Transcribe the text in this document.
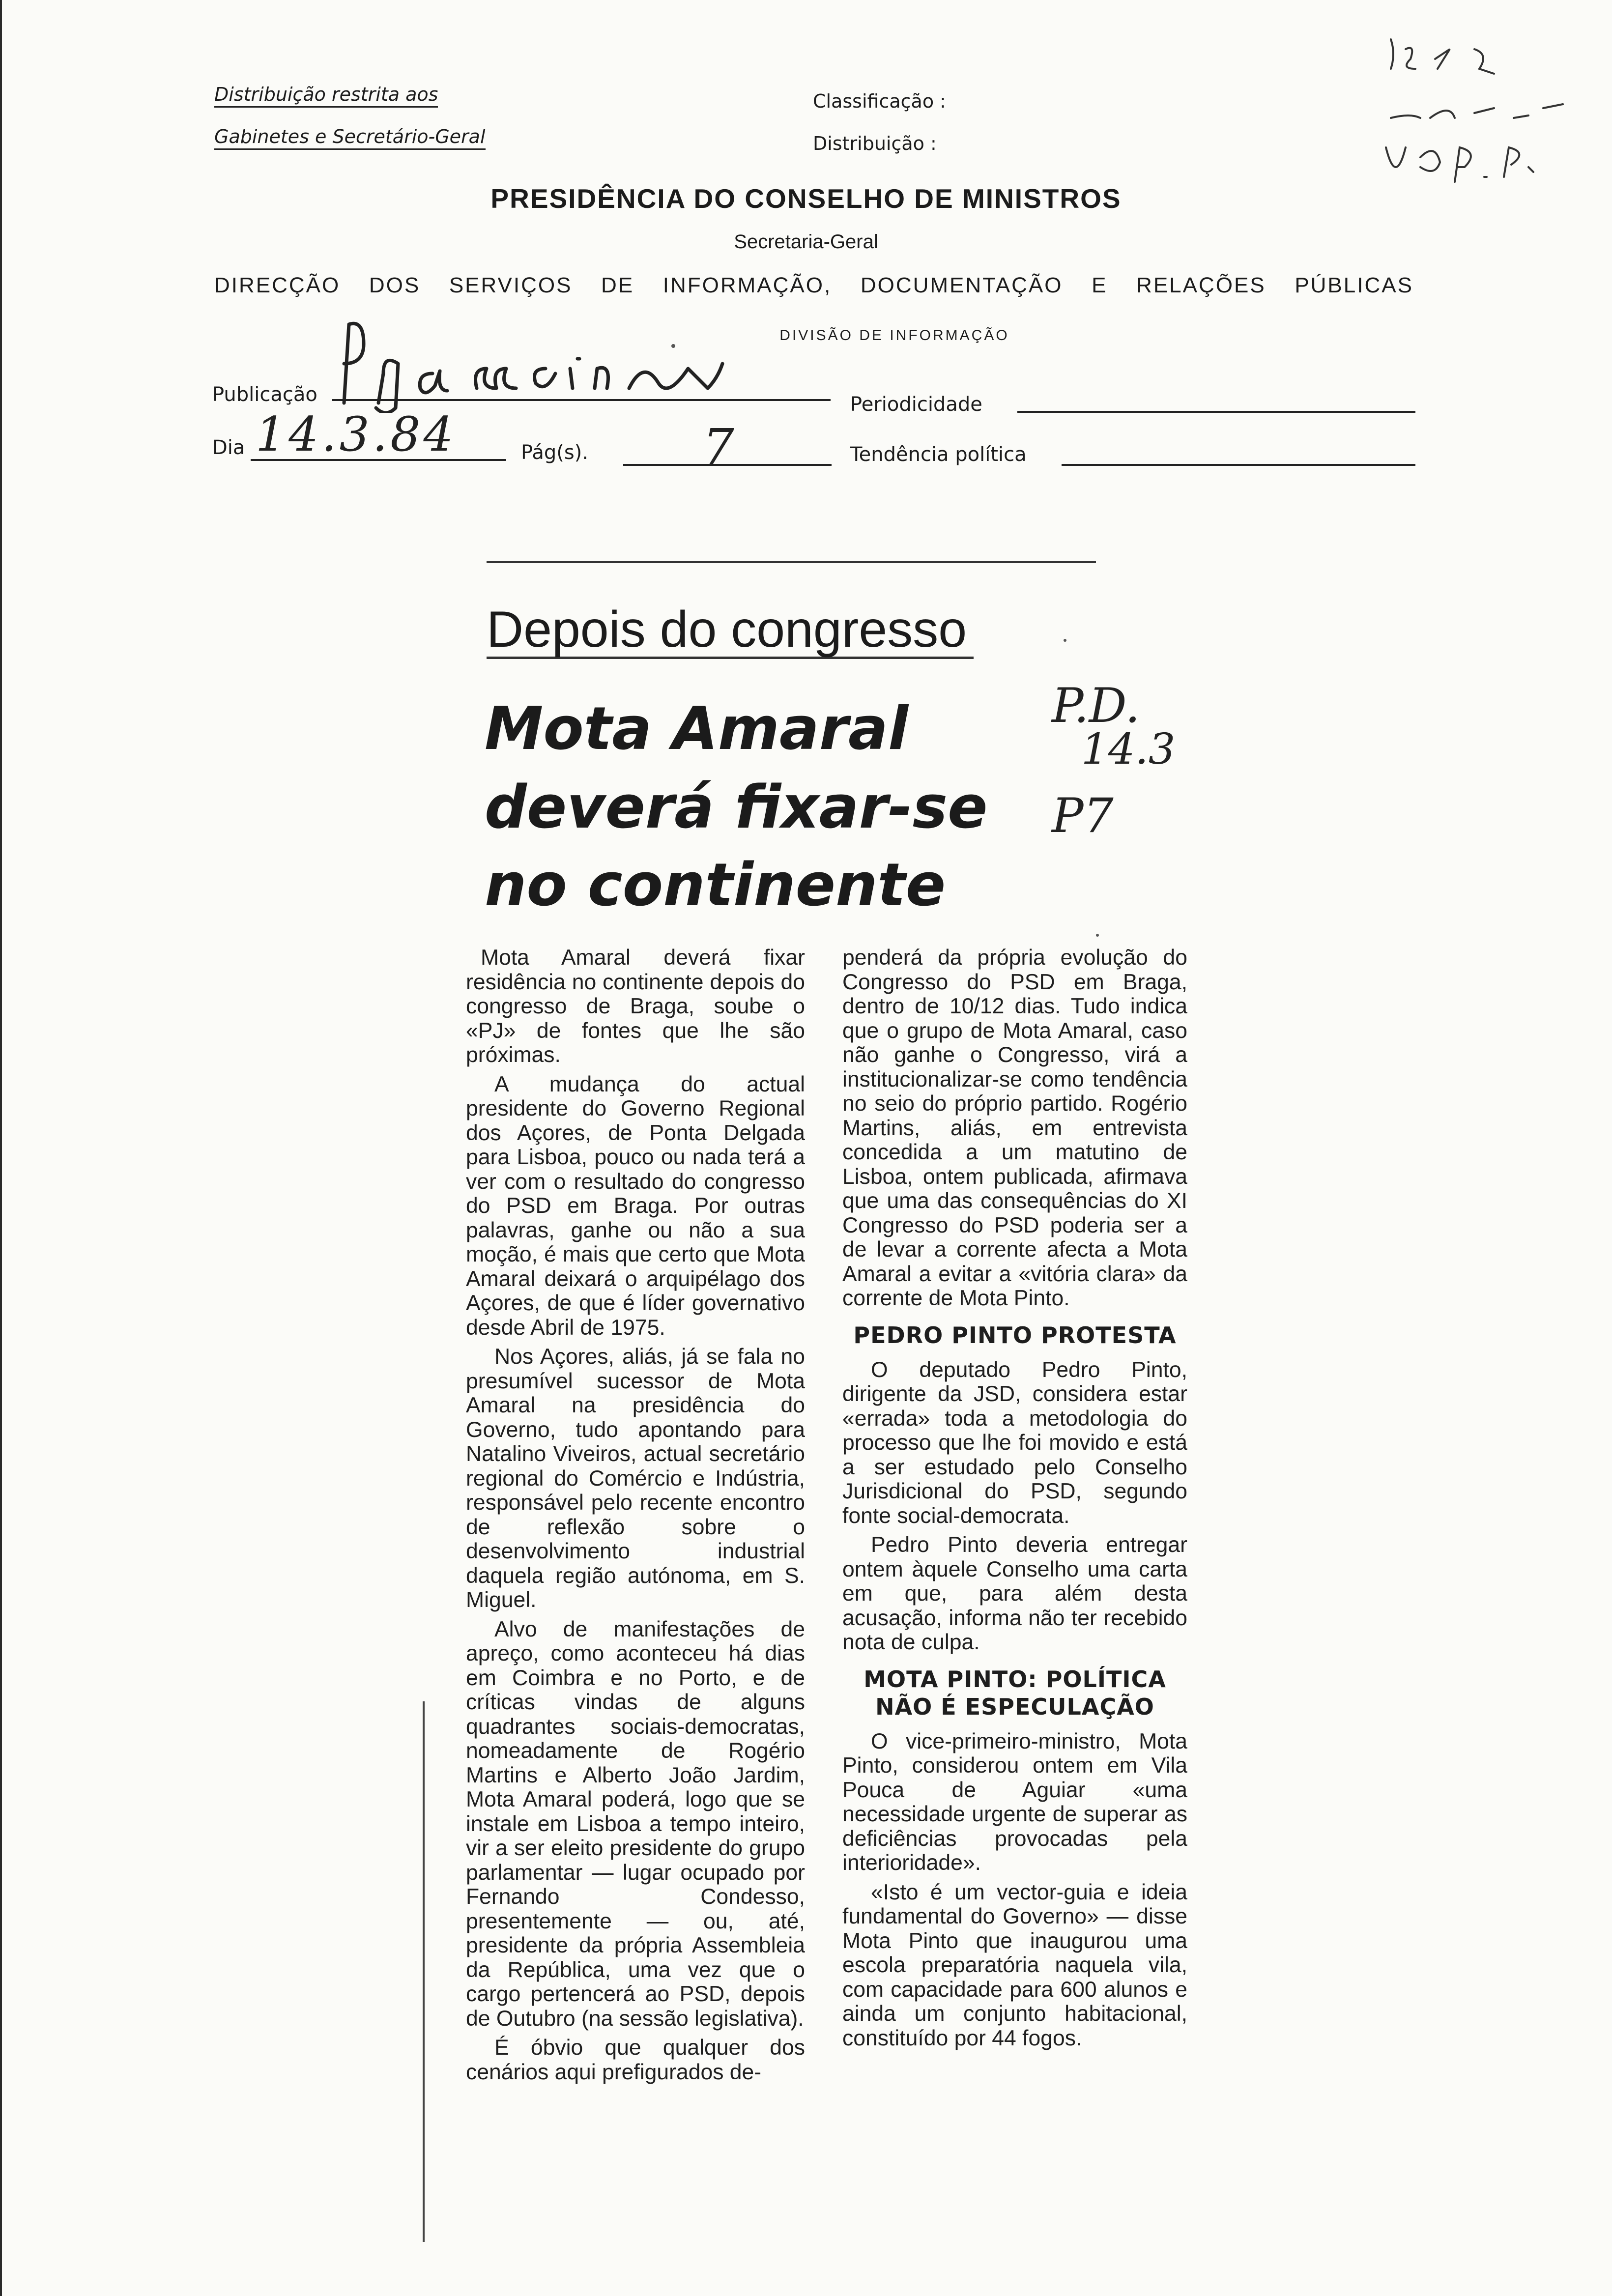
Distribuição restrita aos
Gabinetes e Secretário-Geral
Classificação :
Distribuição :
PRESIDÊNCIA DO CONSELHO DE MINISTROS
Secretaria-Geral
DIRECÇÃO DOS SERVIÇOS DE INFORMAÇÃO, DOCUMENTAÇÃO E RELAÇÕES PÚBLICAS
DIVISÃO DE INFORMAÇÃO
Publicação	Periodicidade
Dia 14.3.84	Pág(s). 7	Tendência política
Depois do congresso
Mota Amaral
deverá fixar-se
no continente
P.D.
14.3
P7

Mota Amaral deverá fixar residência no continente depois do congresso de Braga, soube o «PJ» de fontes que lhe são próximas.

A mudança do actual presidente do Governo Regional dos Açores, de Ponta Delgada para Lisboa, pouco ou nada terá a ver com o resultado do congresso do PSD em Braga. Por outras palavras, ganhe ou não a sua moção, é mais que certo que Mota Amaral deixará o arquipélago dos Açores, de que é líder governativo desde Abril de 1975.

Nos Açores, aliás, já se fala no presumível sucessor de Mota Amaral na presidência do Governo, tudo apontando para Natalino Viveiros, actual secretário regional do Comércio e Indústria, responsável pelo recente encontro de reflexão sobre o desenvolvimento industrial daquela região autónoma, em S. Miguel.

Alvo de manifestações de apreço, como aconteceu há dias em Coimbra e no Porto, e de críticas vindas de alguns quadrantes sociais-democratas, nomeadamente de Rogério Martins e Alberto João Jardim, Mota Amaral poderá, logo que se instale em Lisboa a tempo inteiro, vir a ser eleito presidente do grupo parlamentar — lugar ocupado por Fernando Condesso, presentemente — ou, até, presidente da própria Assembleia da República, uma vez que o cargo pertencerá ao PSD, depois de Outubro (na sessão legislativa).

É óbvio que qualquer dos cenários aqui prefigurados de-

penderá da própria evolução do Congresso do PSD em Braga, dentro de 10/12 dias. Tudo indica que o grupo de Mota Amaral, caso não ganhe o Congresso, virá a institucionalizar-se como tendência no seio do próprio partido. Rogério Martins, aliás, em entrevista concedida a um matutino de Lisboa, ontem publicada, afirmava que uma das consequências do XI Congresso do PSD poderia ser a de levar a corrente afecta a Mota Amaral a evitar a «vitória clara» da corrente de Mota Pinto.

PEDRO PINTO PROTESTA

O deputado Pedro Pinto, dirigente da JSD, considera estar «errada» toda a metodologia do processo que lhe foi movido e está a ser estudado pelo Conselho Jurisdicional do PSD, segundo fonte social-democrata.

Pedro Pinto deveria entregar ontem àquele Conselho uma carta em que, para além desta acusação, informa não ter recebido nota de culpa.

MOTA PINTO: POLÍTICA
NÃO É ESPECULAÇÃO

O vice-primeiro-ministro, Mota Pinto, considerou ontem em Vila Pouca de Aguiar «uma necessidade urgente de superar as deficiências provocadas pela interioridade».

«Isto é um vector-guia e ideia fundamental do Governo» — disse Mota Pinto que inaugurou uma escola preparatória naquela vila, com capacidade para 600 alunos e ainda um conjunto habitacional, constituído por 44 fogos.
